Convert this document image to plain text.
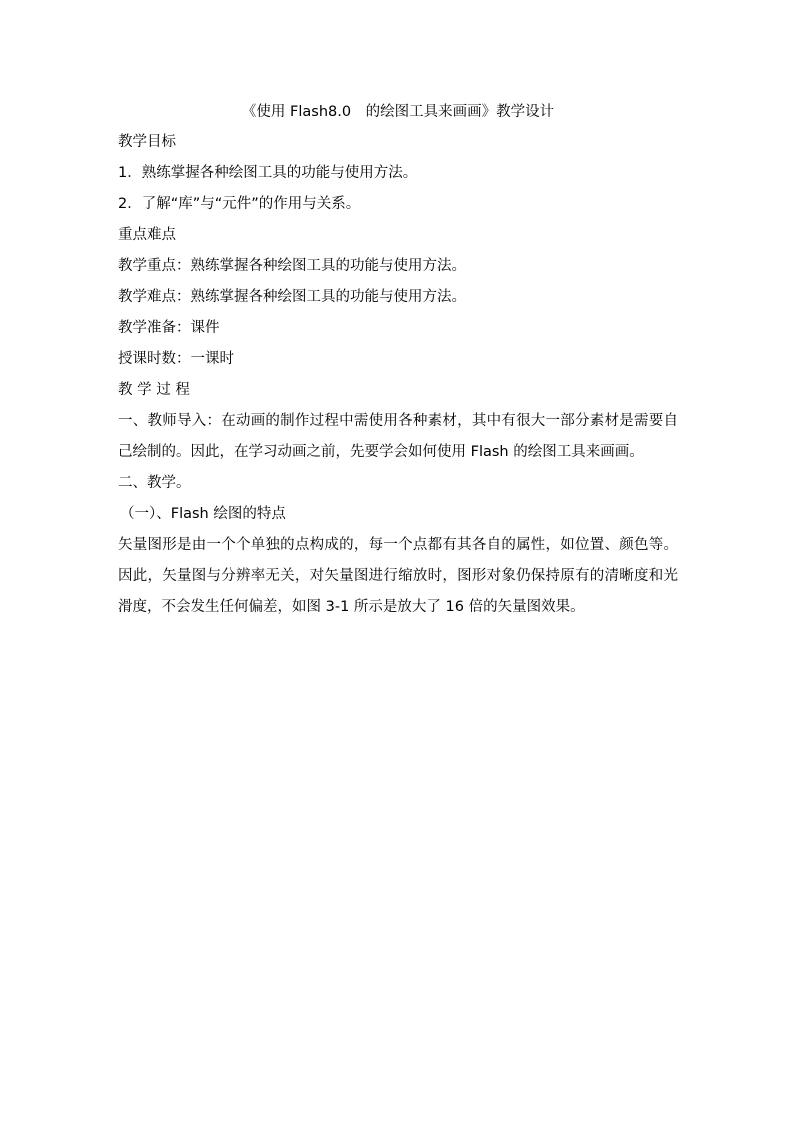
《使用 Flash8.0　的绘图工具来画画》教学设计

教学目标

1．熟练掌握各种绘图工具的功能与使用方法。

2．了解“库”与“元件”的作用与关系。

重点难点

教学重点：熟练掌握各种绘图工具的功能与使用方法。

教学难点：熟练掌握各种绘图工具的功能与使用方法。

教学准备：课件

授课时数：一课时

教 学 过 程

一、教师导入：在动画的制作过程中需使用各种素材，其中有很大一部分素材是需要自己绘制的。因此，在学习动画之前，先要学会如何使用 Flash 的绘图工具来画画。

二、教学。

（一）、Flash 绘图的特点

矢量图形是由一个个单独的点构成的，每一个点都有其各自的属性，如位置、颜色等。因此，矢量图与分辨率无关，对矢量图进行缩放时，图形对象仍保持原有的清晰度和光滑度，不会发生任何偏差，如图 3-1 所示是放大了 16 倍的矢量图效果。
